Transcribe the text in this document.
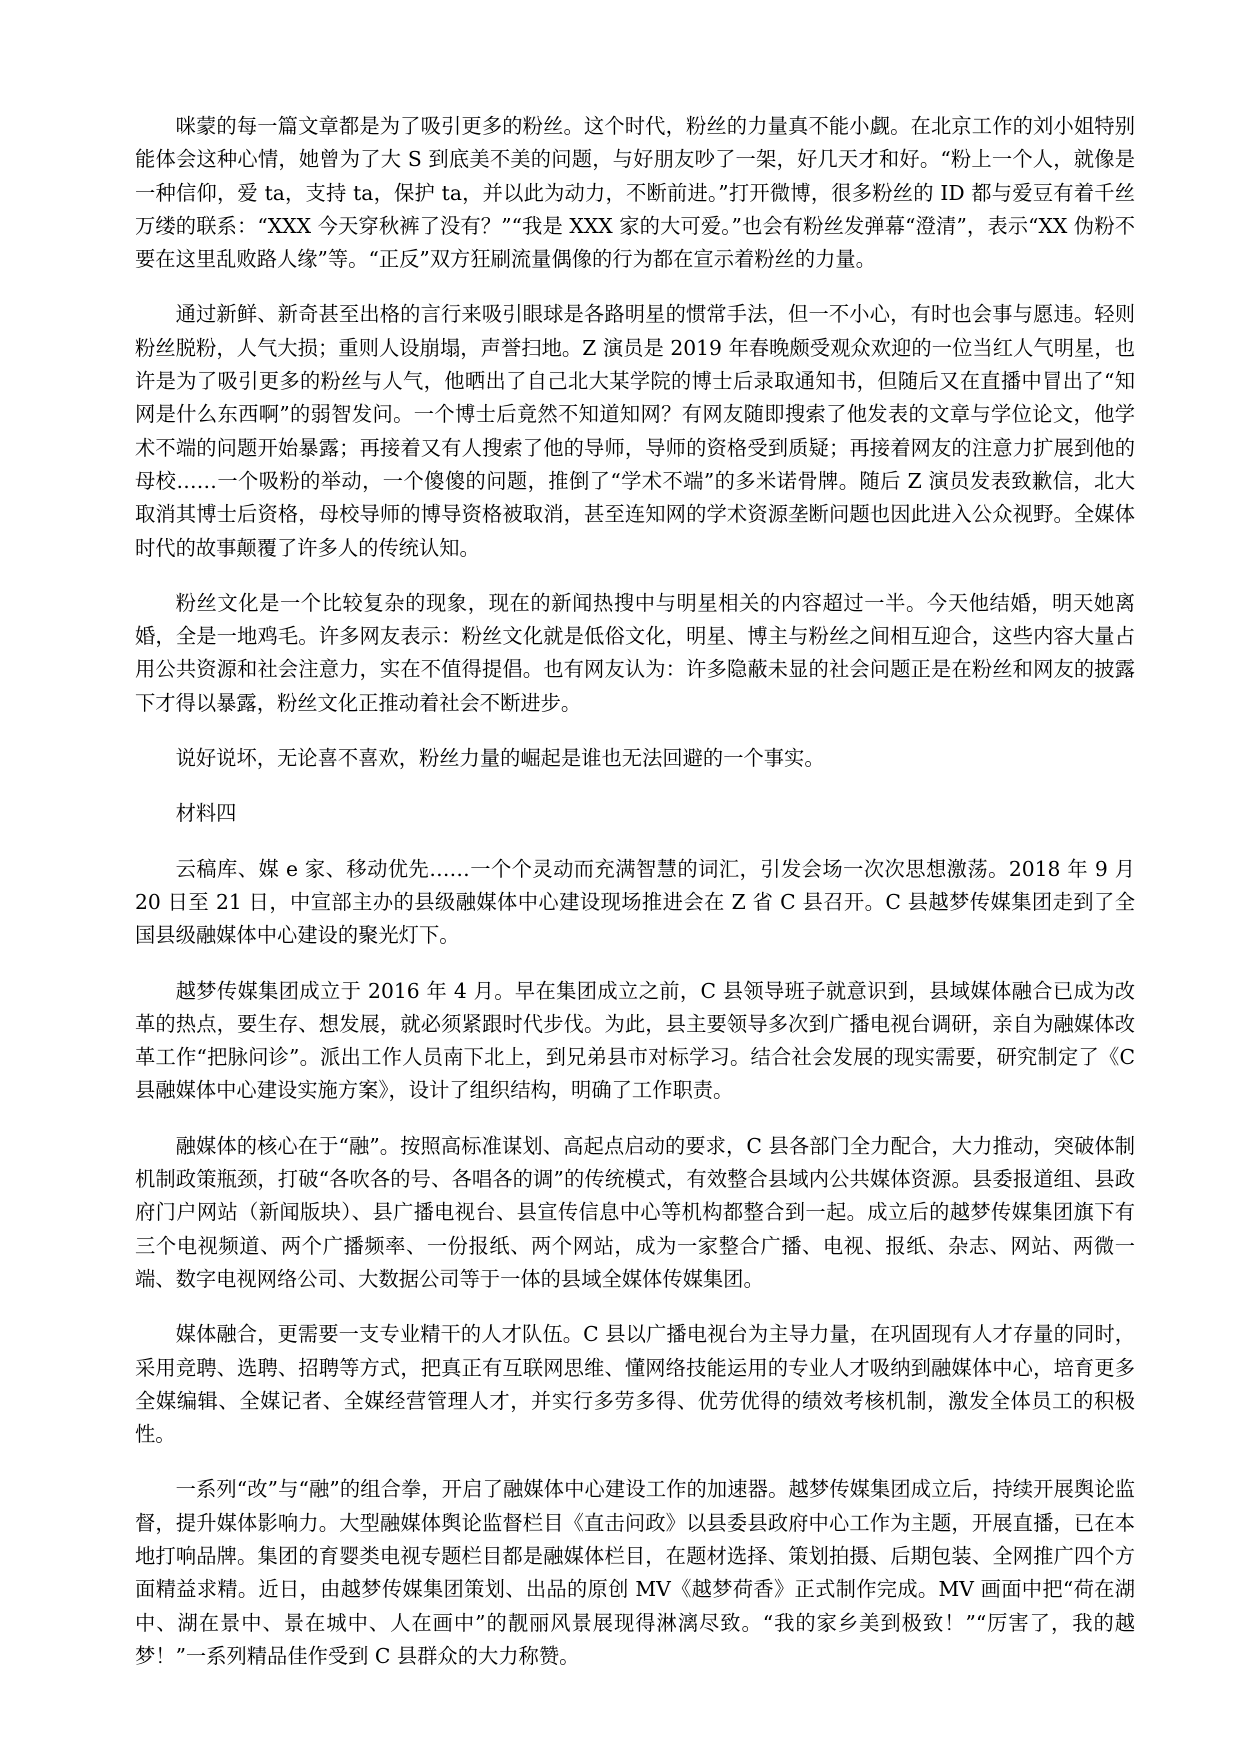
咪蒙的每一篇文章都是为了吸引更多的粉丝。这个时代，粉丝的力量真不能小觑。在北京工作的刘小姐特别能体会这种心情，她曾为了大 S 到底美不美的问题，与好朋友吵了一架，好几天才和好。“粉上一个人，就像是一种信仰，爱 ta，支持 ta，保护 ta，并以此为动力，不断前进。”打开微博，很多粉丝的 ID 都与爱豆有着千丝万缕的联系：“XXX 今天穿秋裤了没有？”“我是 XXX 家的大可爱。”也会有粉丝发弹幕“澄清”，表示“XX 伪粉不要在这里乱败路人缘”等。“正反”双方狂刷流量偶像的行为都在宣示着粉丝的力量。

通过新鲜、新奇甚至出格的言行来吸引眼球是各路明星的惯常手法，但一不小心，有时也会事与愿违。轻则粉丝脱粉，人气大损；重则人设崩塌，声誉扫地。Z 演员是 2019 年春晚颇受观众欢迎的一位当红人气明星，也许是为了吸引更多的粉丝与人气，他晒出了自己北大某学院的博士后录取通知书，但随后又在直播中冒出了“知网是什么东西啊”的弱智发问。一个博士后竟然不知道知网？有网友随即搜索了他发表的文章与学位论文，他学术不端的问题开始暴露；再接着又有人搜索了他的导师，导师的资格受到质疑；再接着网友的注意力扩展到他的母校……一个吸粉的举动，一个傻傻的问题，推倒了“学术不端”的多米诺骨牌。随后 Z 演员发表致歉信，北大取消其博士后资格，母校导师的博导资格被取消，甚至连知网的学术资源垄断问题也因此进入公众视野。全媒体时代的故事颠覆了许多人的传统认知。

粉丝文化是一个比较复杂的现象，现在的新闻热搜中与明星相关的内容超过一半。今天他结婚，明天她离婚，全是一地鸡毛。许多网友表示：粉丝文化就是低俗文化，明星、博主与粉丝之间相互迎合，这些内容大量占用公共资源和社会注意力，实在不值得提倡。也有网友认为：许多隐蔽未显的社会问题正是在粉丝和网友的披露下才得以暴露，粉丝文化正推动着社会不断进步。

说好说坏，无论喜不喜欢，粉丝力量的崛起是谁也无法回避的一个事实。

材料四

云稿库、媒 e 家、移动优先……一个个灵动而充满智慧的词汇，引发会场一次次思想激荡。2018 年 9 月 20 日至 21 日，中宣部主办的县级融媒体中心建设现场推进会在 Z 省 C 县召开。C 县越梦传媒集团走到了全国县级融媒体中心建设的聚光灯下。

越梦传媒集团成立于 2016 年 4 月。早在集团成立之前，C 县领导班子就意识到，县域媒体融合已成为改革的热点，要生存、想发展，就必须紧跟时代步伐。为此，县主要领导多次到广播电视台调研，亲自为融媒体改革工作“把脉问诊”。派出工作人员南下北上，到兄弟县市对标学习。结合社会发展的现实需要，研究制定了《C 县融媒体中心建设实施方案》，设计了组织结构，明确了工作职责。

融媒体的核心在于“融”。按照高标准谋划、高起点启动的要求，C 县各部门全力配合，大力推动，突破体制机制政策瓶颈，打破“各吹各的号、各唱各的调”的传统模式，有效整合县域内公共媒体资源。县委报道组、县政府门户网站（新闻版块）、县广播电视台、县宣传信息中心等机构都整合到一起。成立后的越梦传媒集团旗下有三个电视频道、两个广播频率、一份报纸、两个网站，成为一家整合广播、电视、报纸、杂志、网站、两微一端、数字电视网络公司、大数据公司等于一体的县域全媒体传媒集团。

媒体融合，更需要一支专业精干的人才队伍。C 县以广播电视台为主导力量，在巩固现有人才存量的同时，采用竞聘、选聘、招聘等方式，把真正有互联网思维、懂网络技能运用的专业人才吸纳到融媒体中心，培育更多全媒编辑、全媒记者、全媒经营管理人才，并实行多劳多得、优劳优得的绩效考核机制，激发全体员工的积极性。

一系列“改”与“融”的组合拳，开启了融媒体中心建设工作的加速器。越梦传媒集团成立后，持续开展舆论监督，提升媒体影响力。大型融媒体舆论监督栏目《直击问政》以县委县政府中心工作为主题，开展直播，已在本地打响品牌。集团的育婴类电视专题栏目都是融媒体栏目，在题材选择、策划拍摄、后期包装、全网推广四个方面精益求精。近日，由越梦传媒集团策划、出品的原创 MV《越梦荷香》正式制作完成。MV 画面中把“荷在湖中、湖在景中、景在城中、人在画中”的靓丽风景展现得淋漓尽致。“我的家乡美到极致！”“厉害了，我的越梦！”一系列精品佳作受到 C 县群众的大力称赞。
